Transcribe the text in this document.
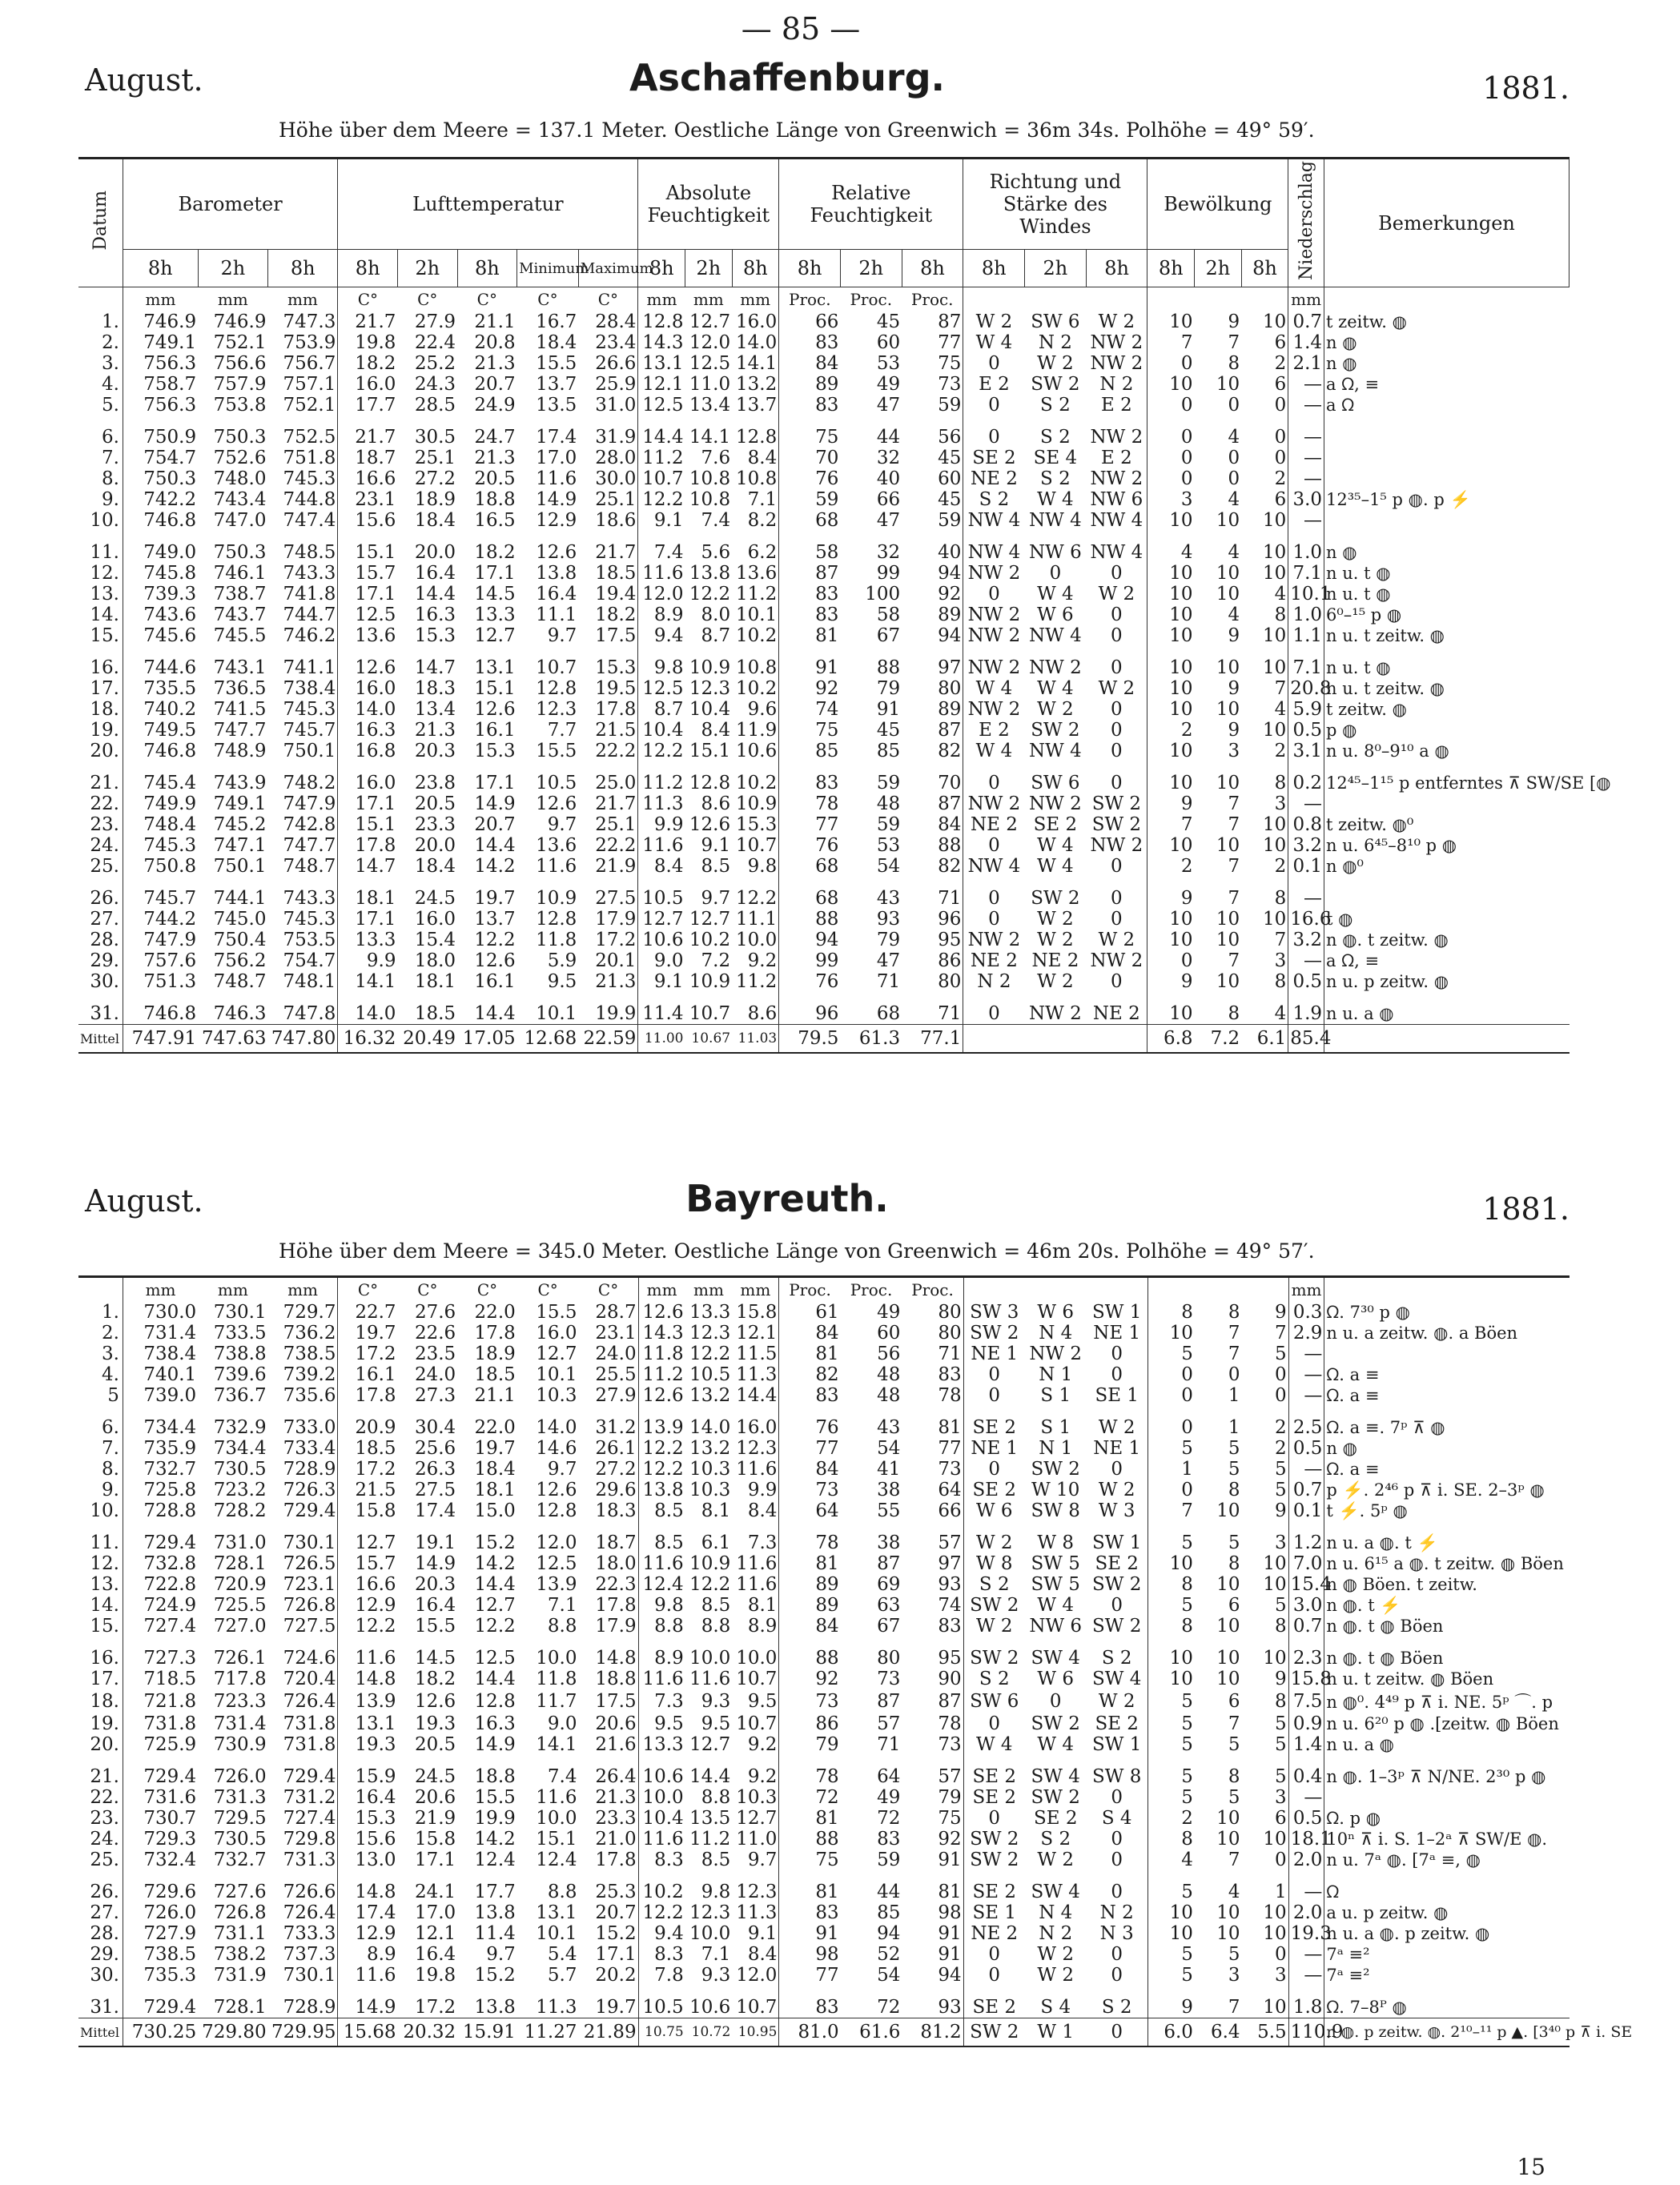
— 85 —
August.	Aschaffenburg.	1881.
Höhe über dem Meere = 137.1 Meter. Oestliche Länge von Greenwich = 36m 34s. Polhöhe = 49° 59′.
Datum	Barometer			Lufttemperatur					Absolute Feuchtigkeit			Relative Feuchtigkeit			Richtung und Stärke des Windes			Bewölkung			Niederschlag	Bemerkungen
	8h	2h	8h	8h	2h	8h	Minimum	Maximum	8h	2h	8h	8h	2h	8h	8h	2h	8h	8h	2h	8h		
	mm	mm	mm	C°	C°	C°	C°	C°	mm	mm	mm	Proc.	Proc.	Proc.							mm	
1.	746.9	746.9	747.3	21.7	27.9	21.1	16.7	28.4	12.8	12.7	16.0	66	45	87	W 2	SW 6	W 2	10	9	10	0.7	t zeitw. ◍
2.	749.1	752.1	753.9	19.8	22.4	20.8	18.4	23.4	14.3	12.0	14.0	83	60	77	W 4	N 2	NW 2	7	7	6	1.4	n ◍
3.	756.3	756.6	756.7	18.2	25.2	21.3	15.5	26.6	13.1	12.5	14.1	84	53	75	0	W 2	NW 2	0	8	2	2.1	n ◍
4.	758.7	757.9	757.1	16.0	24.3	20.7	13.7	25.9	12.1	11.0	13.2	89	49	73	E 2	SW 2	N 2	10	10	6	—	a ᘯ, ≡
5.	756.3	753.8	752.1	17.7	28.5	24.9	13.5	31.0	12.5	13.4	13.7	83	47	59	0	S 2	E 2	0	0	0	—	a ᘯ
6.	750.9	750.3	752.5	21.7	30.5	24.7	17.4	31.9	14.4	14.1	12.8	75	44	56	0	S 2	NW 2	0	4	0	—	
7.	754.7	752.6	751.8	18.7	25.1	21.3	17.0	28.0	11.2	7.6	8.4	70	32	45	SE 2	SE 4	E 2	0	0	0	—	
8.	750.3	748.0	745.3	16.6	27.2	20.5	11.6	30.0	10.7	10.8	10.8	76	40	60	NE 2	S 2	NW 2	0	0	2	—	
9.	742.2	743.4	744.8	23.1	18.9	18.8	14.9	25.1	12.2	10.8	7.1	59	66	45	S 2	W 4	NW 6	3	4	6	3.0	12³⁵–1⁵ p ◍. p ⚡
10.	746.8	747.0	747.4	15.6	18.4	16.5	12.9	18.6	9.1	7.4	8.2	68	47	59	NW 4	NW 4	NW 4	10	10	10	—	
11.	749.0	750.3	748.5	15.1	20.0	18.2	12.6	21.7	7.4	5.6	6.2	58	32	40	NW 4	NW 6	NW 4	4	4	10	1.0	n ◍
12.	745.8	746.1	743.3	15.7	16.4	17.1	13.8	18.5	11.6	13.8	13.6	87	99	94	NW 2	0	0	10	10	10	7.1	n u. t ◍
13.	739.3	738.7	741.8	17.1	14.4	14.5	16.4	19.4	12.0	12.2	11.2	83	100	92	0	W 4	W 2	10	10	4	10.1	n u. t ◍
14.	743.6	743.7	744.7	12.5	16.3	13.3	11.1	18.2	8.9	8.0	10.1	83	58	89	NW 2	W 6	0	10	4	8	1.0	6⁰–¹⁵ p ◍
15.	745.6	745.5	746.2	13.6	15.3	12.7	9.7	17.5	9.4	8.7	10.2	81	67	94	NW 2	NW 4	0	10	9	10	1.1	n u. t zeitw. ◍
16.	744.6	743.1	741.1	12.6	14.7	13.1	10.7	15.3	9.8	10.9	10.8	91	88	97	NW 2	NW 2	0	10	10	10	7.1	n u. t ◍
17.	735.5	736.5	738.4	16.0	18.3	15.1	12.8	19.5	12.5	12.3	10.2	92	79	80	W 4	W 4	W 2	10	9	7	20.8	n u. t zeitw. ◍
18.	740.2	741.5	745.3	14.0	13.4	12.6	12.3	17.8	8.7	10.4	9.6	74	91	89	NW 2	W 2	0	10	10	4	5.9	t zeitw. ◍
19.	749.5	747.7	745.7	16.3	21.3	16.1	7.7	21.5	10.4	8.4	11.9	75	45	87	E 2	SW 2	0	2	9	10	0.5	p ◍
20.	746.8	748.9	750.1	16.8	20.3	15.3	15.5	22.2	12.2	15.1	10.6	85	85	82	W 4	NW 4	0	10	3	2	3.1	n u. 8⁰–9¹⁰ a ◍
21.	745.4	743.9	748.2	16.0	23.8	17.1	10.5	25.0	11.2	12.8	10.2	83	59	70	0	SW 6	0	10	10	8	0.2	12⁴⁵–1¹⁵ p entferntes ⊼ SW/SE [◍
22.	749.9	749.1	747.9	17.1	20.5	14.9	12.6	21.7	11.3	8.6	10.9	78	48	87	NW 2	NW 2	SW 2	9	7	3	—	
23.	748.4	745.2	742.8	15.1	23.3	20.7	9.7	25.1	9.9	12.6	15.3	77	59	84	NE 2	SE 2	SW 2	7	7	10	0.8	t zeitw. ◍⁰
24.	745.3	747.1	747.7	17.8	20.0	14.4	13.6	22.2	11.6	9.1	10.7	76	53	88	0	W 4	NW 2	10	10	10	3.2	n u. 6⁴⁵–8¹⁰ p ◍
25.	750.8	750.1	748.7	14.7	18.4	14.2	11.6	21.9	8.4	8.5	9.8	68	54	82	NW 4	W 4	0	2	7	2	0.1	n ◍⁰
26.	745.7	744.1	743.3	18.1	24.5	19.7	10.9	27.5	10.5	9.7	12.2	68	43	71	0	SW 2	0	9	7	8	—	
27.	744.2	745.0	745.3	17.1	16.0	13.7	12.8	17.9	12.7	12.7	11.1	88	93	96	0	W 2	0	10	10	10	16.6	t ◍
28.	747.9	750.4	753.5	13.3	15.4	12.2	11.8	17.2	10.6	10.2	10.0	94	79	95	NW 2	W 2	W 2	10	10	7	3.2	n ◍. t zeitw. ◍
29.	757.6	756.2	754.7	9.9	18.0	12.6	5.9	20.1	9.0	7.2	9.2	99	47	86	NE 2	NE 2	NW 2	0	7	3	—	a ᘯ, ≡
30.	751.3	748.7	748.1	14.1	18.1	16.1	9.5	21.3	9.1	10.9	11.2	76	71	80	N 2	W 2	0	9	10	8	0.5	n u. p zeitw. ◍
31.	746.8	746.3	747.8	14.0	18.5	14.4	10.1	19.9	11.4	10.7	8.6	96	68	71	0	NW 2	NE 2	10	8	4	1.9	n u. a ◍
Mittel	747.91	747.63	747.80	16.32	20.49	17.05	12.68	22.59	11.00	10.67	11.03	79.5	61.3	77.1				6.8	7.2	6.1	85.4	
August.	Bayreuth.	1881.
Höhe über dem Meere = 345.0 Meter. Oestliche Länge von Greenwich = 46m 20s. Polhöhe = 49° 57′.
	mm	mm	mm	C°	C°	C°	C°	C°	mm	mm	mm	Proc.	Proc.	Proc.							mm	
1.	730.0	730.1	729.7	22.7	27.6	22.0	15.5	28.7	12.6	13.3	15.8	61	49	80	SW 3	W 6	SW 1	8	8	9	0.3	ᘯ. 7³⁰ p ◍
2.	731.4	733.5	736.2	19.7	22.6	17.8	16.0	23.1	14.3	12.3	12.1	84	60	80	SW 2	N 4	NE 1	10	7	7	2.9	n u. a zeitw. ◍. a Böen
3.	738.4	738.8	738.5	17.2	23.5	18.9	12.7	24.0	11.8	12.2	11.5	81	56	71	NE 1	NW 2	0	5	7	5	—	
4.	740.1	739.6	739.2	16.1	24.0	18.5	10.1	25.5	11.2	10.5	11.3	82	48	83	0	N 1	0	0	0	0	—	ᘯ. a ≡
5	739.0	736.7	735.6	17.8	27.3	21.1	10.3	27.9	12.6	13.2	14.4	83	48	78	0	S 1	SE 1	0	1	0	—	ᘯ. a ≡
6.	734.4	732.9	733.0	20.9	30.4	22.0	14.0	31.2	13.9	14.0	16.0	76	43	81	SE 2	S 1	W 2	0	1	2	2.5	ᘯ. a ≡. 7ᵖ ⊼ ◍
7.	735.9	734.4	733.4	18.5	25.6	19.7	14.6	26.1	12.2	13.2	12.3	77	54	77	NE 1	N 1	NE 1	5	5	2	0.5	n ◍
8.	732.7	730.5	728.9	17.2	26.3	18.4	9.7	27.2	12.2	10.3	11.6	84	41	73	0	SW 2	0	1	5	5	—	ᘯ. a ≡
9.	725.8	723.2	726.3	21.5	27.5	18.1	12.6	29.6	13.8	10.3	9.9	73	38	64	SE 2	W 10	W 2	0	8	5	0.7	p ⚡. 2⁴⁶ p ⊼ i. SE. 2–3ᵖ ◍
10.	728.8	728.2	729.4	15.8	17.4	15.0	12.8	18.3	8.5	8.1	8.4	64	55	66	W 6	SW 8	W 3	7	10	9	0.1	t ⚡. 5ᵖ ◍
11.	729.4	731.0	730.1	12.7	19.1	15.2	12.0	18.7	8.5	6.1	7.3	78	38	57	W 2	W 8	SW 1	5	5	3	1.2	n u. a ◍. t ⚡
12.	732.8	728.1	726.5	15.7	14.9	14.2	12.5	18.0	11.6	10.9	11.6	81	87	97	W 8	SW 5	SE 2	10	8	10	7.0	n u. 6¹⁵ a ◍. t zeitw. ◍ Böen
13.	722.8	720.9	723.1	16.6	20.3	14.4	13.9	22.3	12.4	12.2	11.6	89	69	93	S 2	SW 5	SW 2	8	10	10	15.4	n ◍ Böen. t zeitw.
14.	724.9	725.5	726.8	12.9	16.4	12.7	7.1	17.8	9.8	8.5	8.1	89	63	74	SW 2	W 4	0	5	6	5	3.0	n ◍. t ⚡
15.	727.4	727.0	727.5	12.2	15.5	12.2	8.8	17.9	8.8	8.8	8.9	84	67	83	W 2	NW 6	SW 2	8	10	8	0.7	n ◍. t ◍ Böen
16.	727.3	726.1	724.6	11.6	14.5	12.5	10.0	14.8	8.9	10.0	10.0	88	80	95	SW 2	SW 4	S 2	10	10	10	2.3	n ◍. t ◍ Böen
17.	718.5	717.8	720.4	14.8	18.2	14.4	11.8	18.8	11.6	11.6	10.7	92	73	90	S 2	W 6	SW 4	10	10	9	15.8	n u. t zeitw. ◍ Böen
18.	721.8	723.3	726.4	13.9	12.6	12.8	11.7	17.5	7.3	9.3	9.5	73	87	87	SW 6	0	W 2	5	6	8	7.5	n ◍⁰. 4⁴⁹ p ⊼ i. NE. 5ᵖ ⌒. p
19.	731.8	731.4	731.8	13.1	19.3	16.3	9.0	20.6	9.5	9.5	10.7	86	57	78	0	SW 2	SE 2	5	7	5	0.9	n u. 6²⁰ p ◍ .[zeitw. ◍ Böen
20.	725.9	730.9	731.8	19.3	20.5	14.9	14.1	21.6	13.3	12.7	9.2	79	71	73	W 4	W 4	SW 1	5	5	5	1.4	n u. a ◍
21.	729.4	726.0	729.4	15.9	24.5	18.8	7.4	26.4	10.6	14.4	9.2	78	64	57	SE 2	SW 4	SW 8	5	8	5	0.4	n ◍. 1–3ᵖ ⊼ N/NE. 2³⁰ p ◍
22.	731.6	731.3	731.2	16.4	20.6	15.5	11.6	21.3	10.0	8.8	10.3	72	49	79	SE 2	SW 2	0	5	5	3	—	
23.	730.7	729.5	727.4	15.3	21.9	19.9	10.0	23.3	10.4	13.5	12.7	81	72	75	0	SE 2	S 4	2	10	6	0.5	ᘯ. p ◍
24.	729.3	730.5	729.8	15.6	15.8	14.2	15.1	21.0	11.6	11.2	11.0	88	83	92	SW 2	S 2	0	8	10	10	18.1	10ⁿ ⊼ i. S. 1–2ᵃ ⊼ SW/E ◍.
25.	732.4	732.7	731.3	13.0	17.1	12.4	12.4	17.8	8.3	8.5	9.7	75	59	91	SW 2	W 2	0	4	7	0	2.0	n u. 7ᵃ ◍. [7ᵃ ≡, ◍
26.	729.6	727.6	726.6	14.8	24.1	17.7	8.8	25.3	10.2	9.8	12.3	81	44	81	SE 2	SW 4	0	5	4	1	—	ᘯ
27.	726.0	726.8	726.4	17.4	17.0	13.8	13.1	20.7	12.2	12.3	11.3	83	85	98	SE 1	N 4	N 2	10	10	10	2.0	a u. p zeitw. ◍
28.	727.9	731.1	733.3	12.9	12.1	11.4	10.1	15.2	9.4	10.0	9.1	91	94	91	NE 2	N 2	N 3	10	10	10	19.3	n u. a ◍. p zeitw. ◍
29.	738.5	738.2	737.3	8.9	16.4	9.7	5.4	17.1	8.3	7.1	8.4	98	52	91	0	W 2	0	5	5	0	—	7ᵃ ≡²
30.	735.3	731.9	730.1	11.6	19.8	15.2	5.7	20.2	7.8	9.3	12.0	77	54	94	0	W 2	0	5	3	3	—	7ᵃ ≡²
31.	729.4	728.1	728.9	14.9	17.2	13.8	11.3	19.7	10.5	10.6	10.7	83	72	93	SE 2	S 4	S 2	9	7	10	1.8	ᘯ. 7–8ᴾ ◍
Mittel	730.25	729.80	729.95	15.68	20.32	15.91	11.27	21.89	10.75	10.72	10.95	81.0	61.6	81.2	SW 2	W 1	0	6.0	6.4	5.5	110.9	n ◍. p zeitw. ◍. 2¹⁰–¹¹ p ▲. [3⁴⁰ p ⊼ i. SE
15
